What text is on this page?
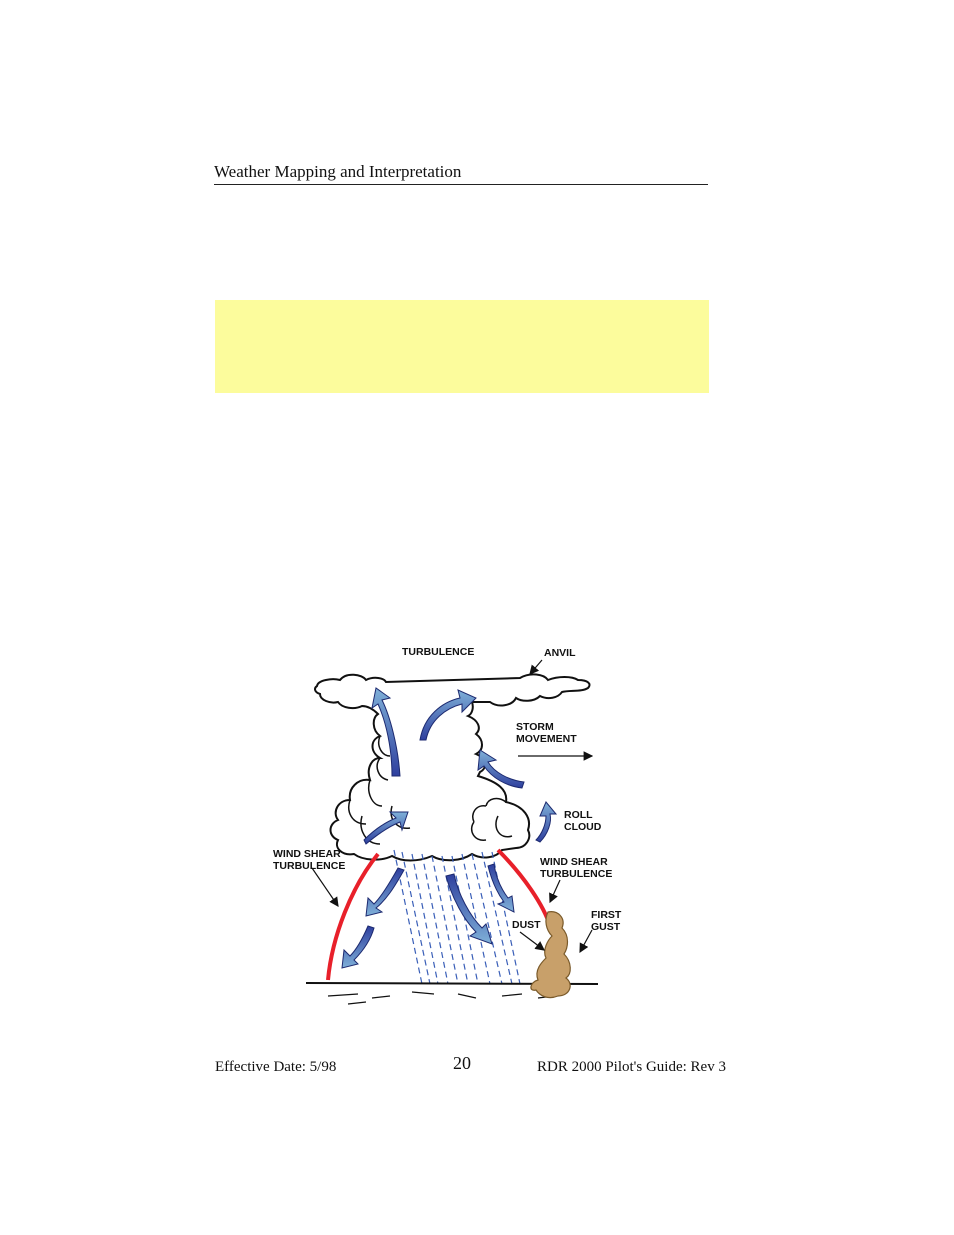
Weather Mapping and Interpretation
TURBULENCE	ANVIL
STORM
MOVEMENT
ROLL
CLOUD
WIND SHEAR
TURBULENCE	WIND SHEAR
TURBULENCE
DUST
FIRST
GUST
Effective Date: 5/98	20	RDR 2000 Pilot's Guide: Rev 3
